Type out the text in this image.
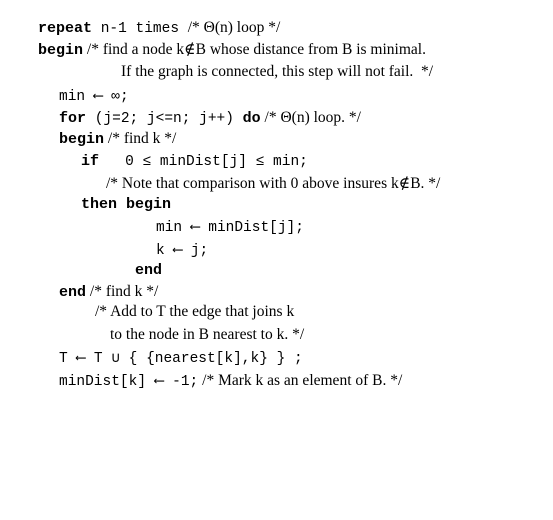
repeat n-1 times /* Θ(n) loop */
begin /* find a node k∉B whose distance from B is minimal.
If the graph is connected, this step will not fail.  */
min ⟵ ∞;
for (j=2; j<=n; j++) do /* Θ(n) loop. */
begin /* find k */
if   0 ≤ minDist[j] ≤ min;
/* Note that comparison with 0 above insures k∉B. */
then begin
min ⟵ minDist[j];
k ⟵ j;
end
end /* find k */
/* Add to T the edge that joins k
to the node in B nearest to k. */
T ⟵ T ∪ { {nearest[k],k} } ;
minDist[k] ⟵ -1; /* Mark k as an element of B. */
